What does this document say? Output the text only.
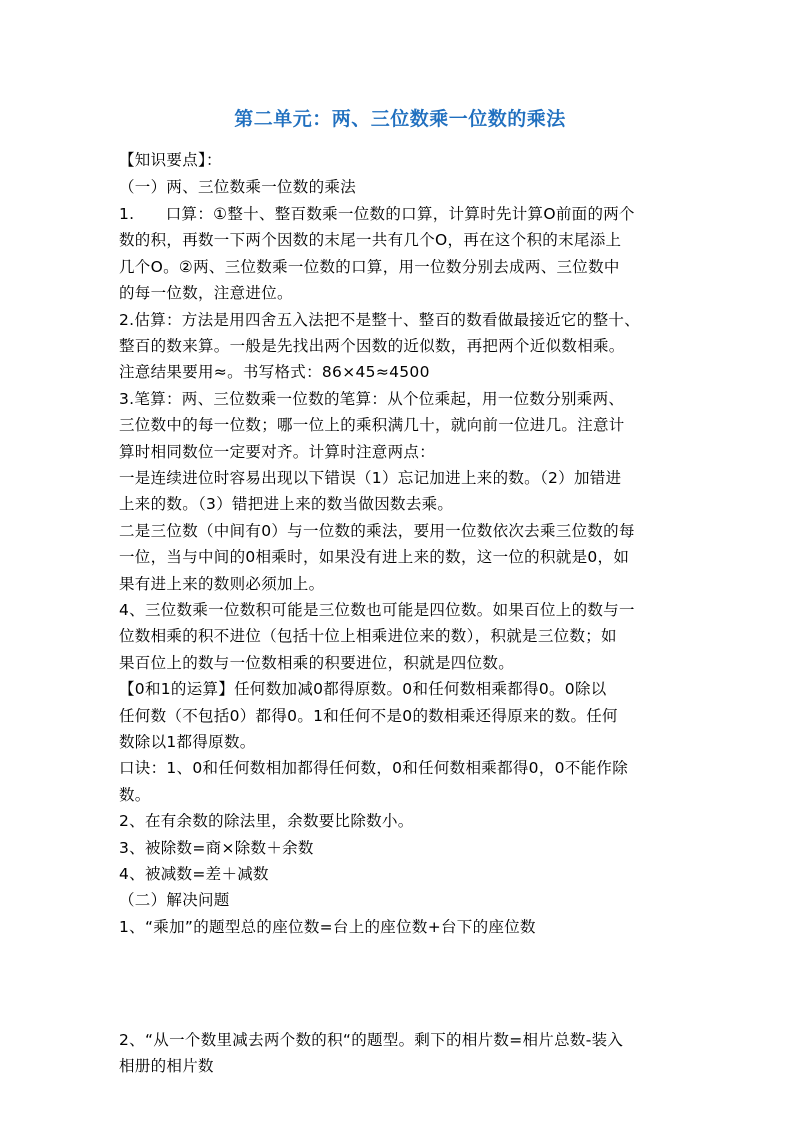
第二单元：两、三位数乘一位数的乘法
【知识要点】：
（一）两、三位数乘一位数的乘法
1.      口算：①整十、整百数乘一位数的口算，计算时先计算O前面的两个
数的积，再数一下两个因数的末尾一共有几个O，再在这个积的末尾添上
几个O。②两、三位数乘一位数的口算，用一位数分别去成两、三位数中
的每一位数，注意进位。
2.估算：方法是用四舍五入法把不是整十、整百的数看做最接近它的整十、
整百的数来算。一般是先找出两个因数的近似数，再把两个近似数相乘。
注意结果要用≈。书写格式：86×45≈4500
3.笔算：两、三位数乘一位数的笔算：从个位乘起，用一位数分别乘两、
三位数中的每一位数；哪一位上的乘积满几十，就向前一位进几。注意计
算时相同数位一定要对齐。计算时注意两点：
一是连续进位时容易出现以下错误（1）忘记加进上来的数。（2）加错进
上来的数。（3）错把进上来的数当做因数去乘。
二是三位数（中间有0）与一位数的乘法，要用一位数依次去乘三位数的每
一位，当与中间的0相乘时，如果没有进上来的数，这一位的积就是0，如
果有进上来的数则必须加上。
4、三位数乘一位数积可能是三位数也可能是四位数。如果百位上的数与一
位数相乘的积不进位（包括十位上相乘进位来的数），积就是三位数；如
果百位上的数与一位数相乘的积要进位，积就是四位数。
【0和1的运算】任何数加减0都得原数。0和任何数相乘都得0。0除以
任何数（不包括0）都得0。1和任何不是0的数相乘还得原来的数。任何
数除以1都得原数。
口诀：1、0和任何数相加都得任何数，0和任何数相乘都得0，0不能作除
数。
2、在有余数的除法里，余数要比除数小。
3、被除数=商×除数＋余数
4、被减数=差＋减数
（二）解决问题
1、“乘加”的题型总的座位数=台上的座位数+台下的座位数
2、“从一个数里减去两个数的积“的题型。剩下的相片数=相片总数-装入
相册的相片数
